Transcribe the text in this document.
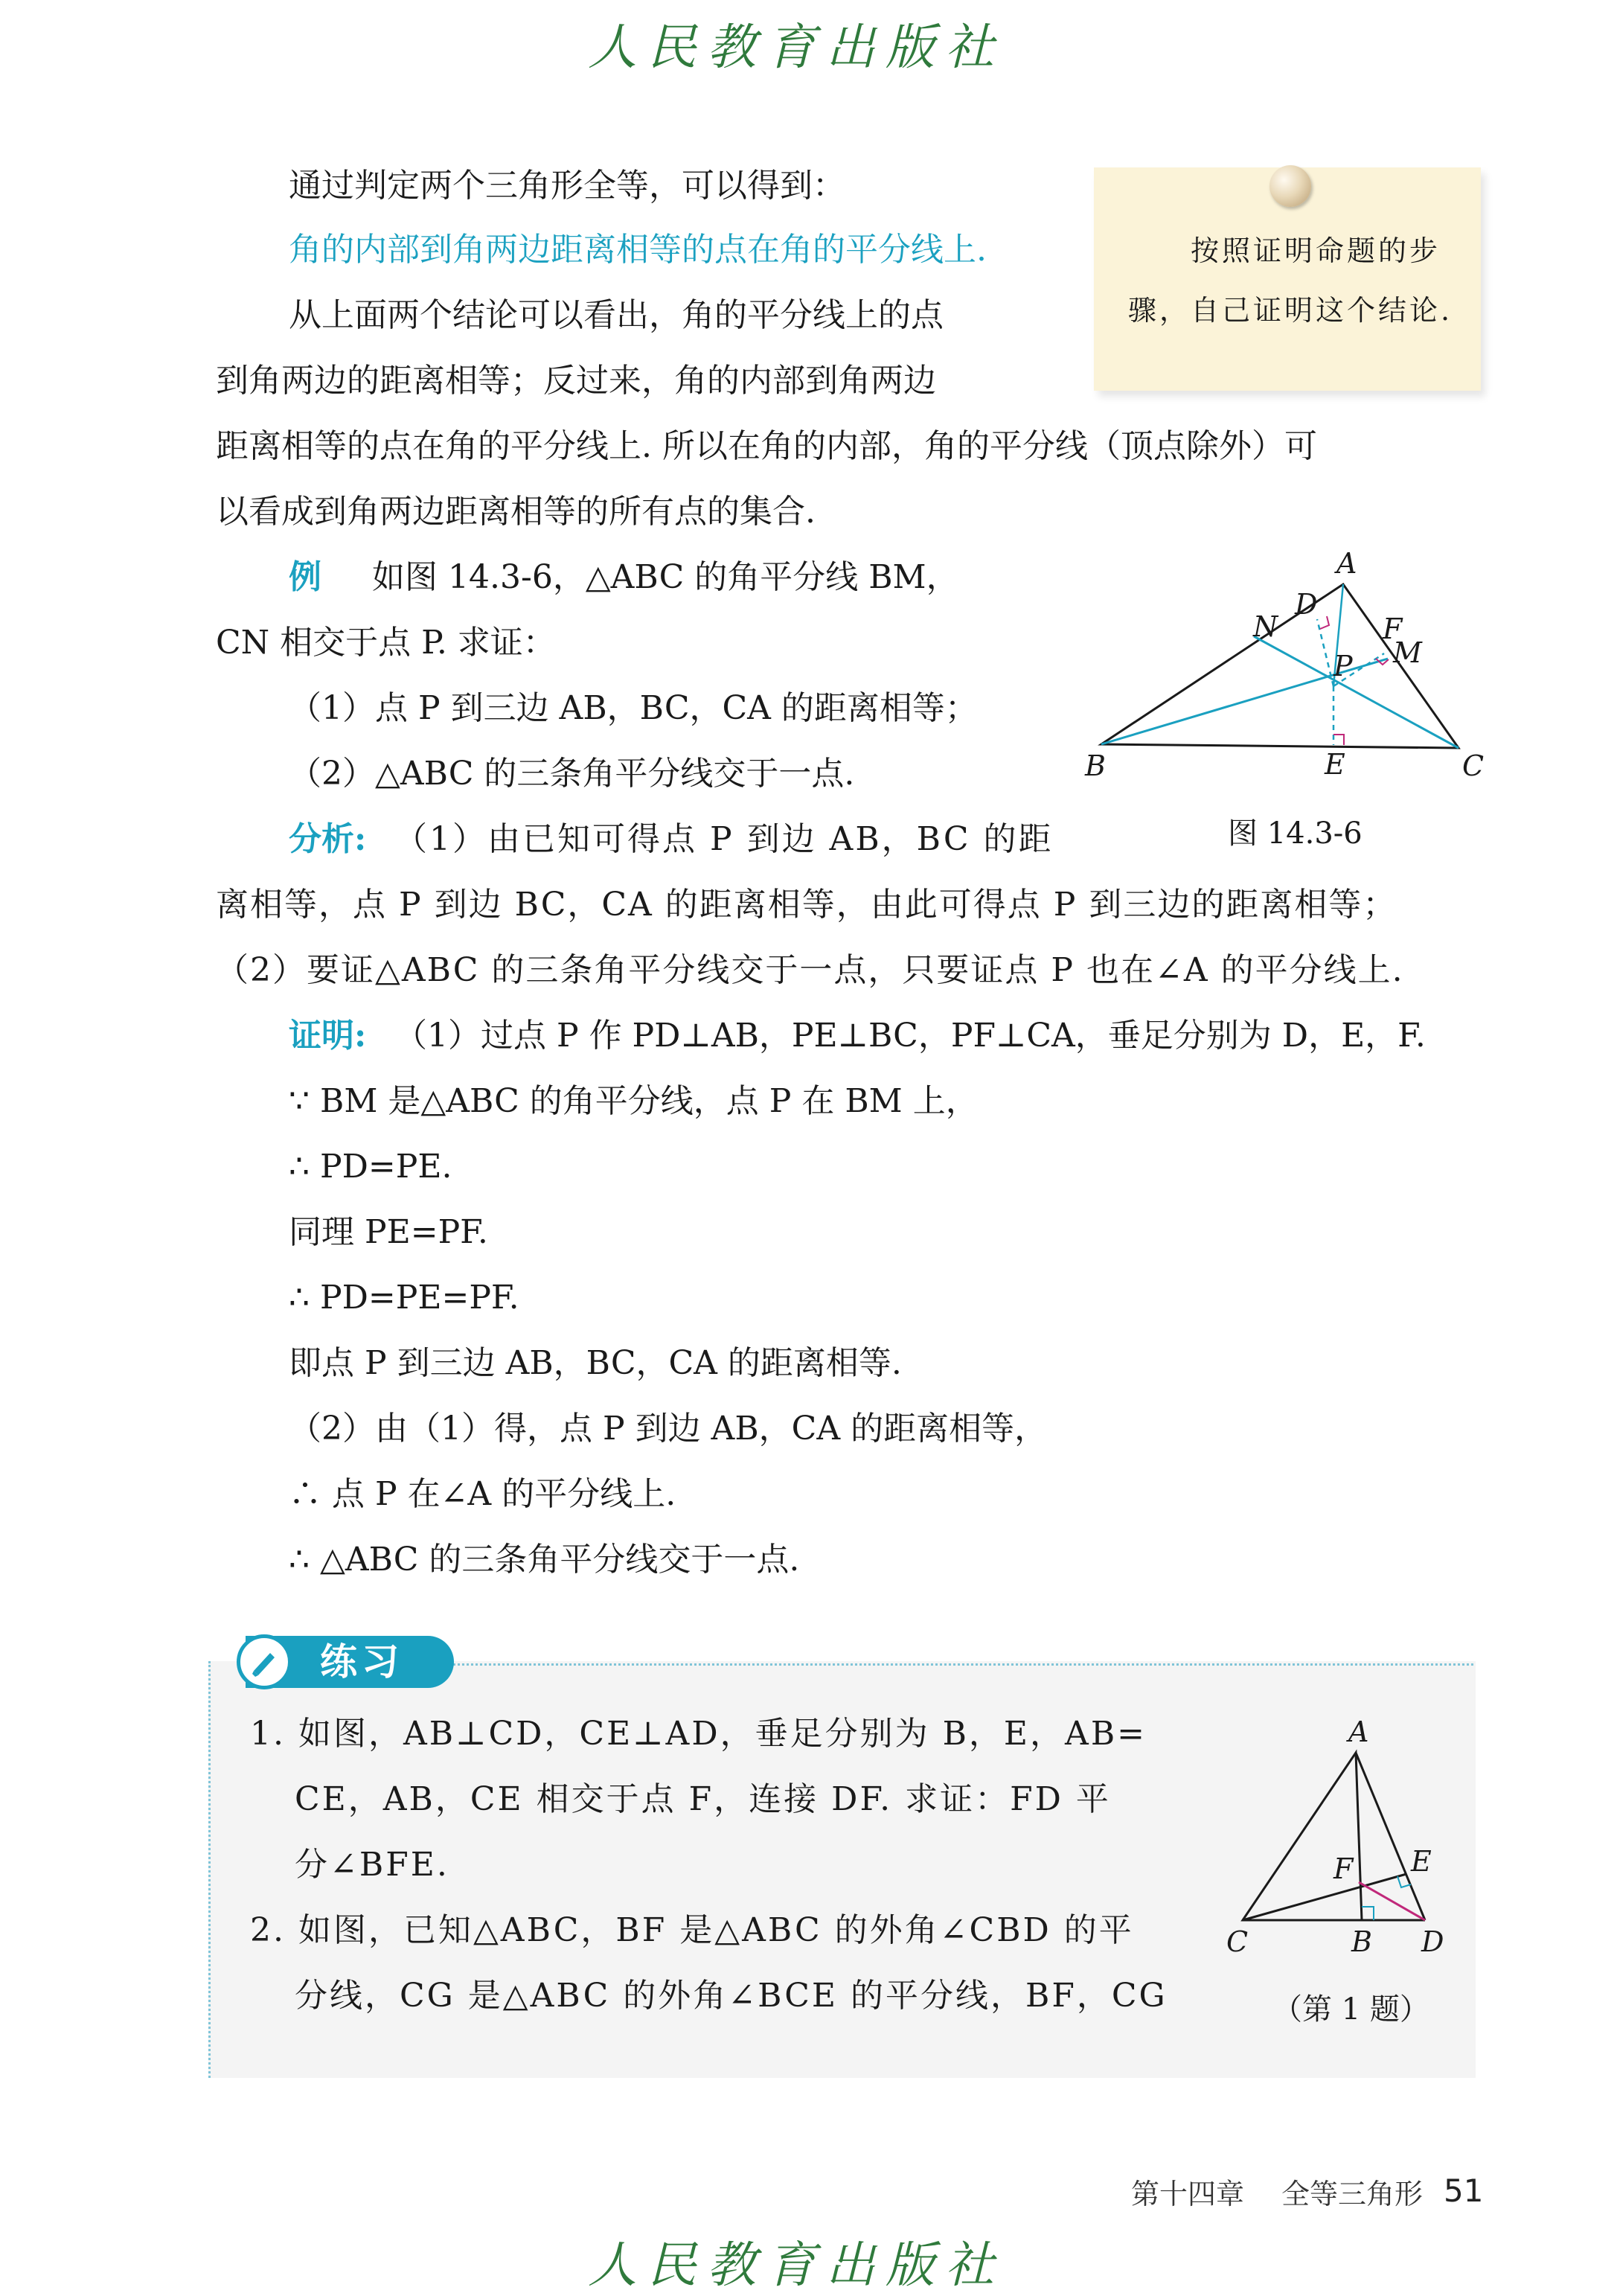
人民教育出版社
按照证明命题的步
骤，自己证明这个结论.
通过判定两个三角形全等，可以得到：
角的内部到角两边距离相等的点在角的平分线上.
从上面两个结论可以看出，角的平分线上的点
到角两边的距离相等；反过来，角的内部到角两边
距离相等的点在角的平分线上. 所以在角的内部，角的平分线（顶点除外）可
以看成到角两边距离相等的所有点的集合.
例 如图 14.3-6，△ABC 的角平分线 BM，
CN 相交于点 P. 求证：
（1）点 P 到三边 AB，BC，CA 的距离相等；
（2）△ABC 的三条角平分线交于一点.
A
B	C
D
E
F
M
N
P
图 14.3-6
分析: （1）由已知可得点 P 到边 AB，BC 的距
离相等，点 P 到边 BC，CA 的距离相等，由此可得点 P 到三边的距离相等；
（2）要证△ABC 的三条角平分线交于一点，只要证点 P 也在∠A 的平分线上.
证明: （1）过点 P 作 PD⊥AB，PE⊥BC，PF⊥CA，垂足分别为 D，E，F.
∵ BM 是△ABC 的角平分线，点 P 在 BM 上，
∴ PD=PE.
同理 PE=PF.
∴ PD=PE=PF.
即点 P 到三边 AB，BC，CA 的距离相等.
（2）由（1）得，点 P 到边 AB，CA 的距离相等，
∴ 点 P 在∠A 的平分线上.
∴ △ABC 的三条角平分线交于一点.
练习
1. 如图，AB⊥CD，CE⊥AD，垂足分别为 B，E，AB=
CE，AB，CE 相交于点 F，连接 DF. 求证：FD 平
分∠BFE.
2. 如图，已知△ABC，BF 是△ABC 的外角∠CBD 的平
分线，CG 是△ABC 的外角∠BCE 的平分线，BF，CG
A
B
C	D
E
F
（第 1 题）
第十四章 全等三角形 51
人民教育出版社
